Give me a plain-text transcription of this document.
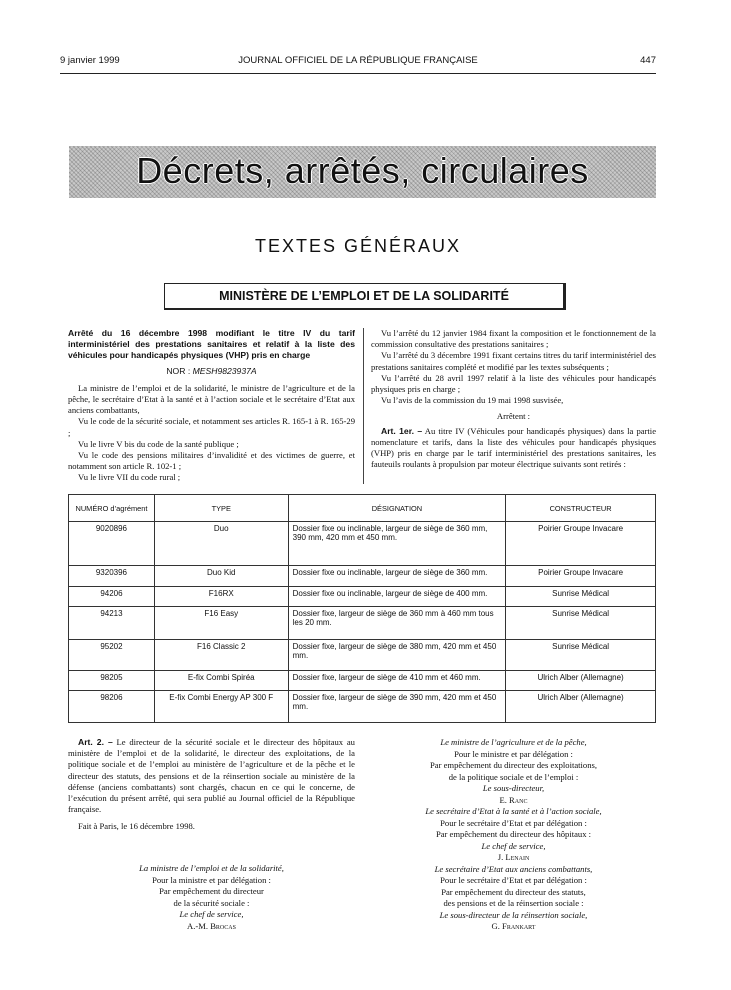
9 janvier 1999	JOURNAL OFFICIEL DE LA RÉPUBLIQUE FRANÇAISE	447
Décrets, arrêtés, circulaires
TEXTES GÉNÉRAUX
MINISTÈRE DE L’EMPLOI ET DE LA SOLIDARITÉ

Arrêté du 16 décembre 1998 modifiant le titre IV du tarif interministériel des prestations sanitaires et relatif à la liste des véhicules pour handicapés physiques (VHP) pris en charge

NOR : MESH9823937A

La ministre de l’emploi et de la solidarité, le ministre de l’agriculture et de la pêche, le secrétaire d’Etat à la santé et à l’action sociale et le secrétaire d’Etat aux anciens combattants,

Vu le code de la sécurité sociale, et notamment ses articles R. 165-1 à R. 165-29 ;

Vu le livre V bis du code de la santé publique ;

Vu le code des pensions militaires d’invalidité et des victimes de guerre, et notamment son article R. 102-1 ;

Vu le livre VII du code rural ;

Vu l’arrêté du 12 janvier 1984 fixant la composition et le fonctionnement de la commission consultative des prestations sanitaires ;

Vu l’arrêté du 3 décembre 1991 fixant certains titres du tarif interministériel des prestations sanitaires complété et modifié par les textes subséquents ;

Vu l’arrêté du 28 avril 1997 relatif à la liste des véhicules pour handicapés physiques pris en charge ;

Vu l’avis de la commission du 19 mai 1998 susvisée,

Arrêtent :

Art. 1er. – Au titre IV (Véhicules pour handicapés physiques) dans la partie nomenclature et tarifs, dans la liste des véhicules pour handicapés physiques (VHP) pris en charge par le tarif interministériel des prestations sanitaires, les fauteuils roulants à propulsion par moteur électrique suivants sont retirés :

NUMÉRO d’agrément	TYPE	DÉSIGNATION	CONSTRUCTEUR
9020896	Duo	Dossier fixe ou inclinable, largeur de siège de 360 mm, 390 mm, 420 mm et 450 mm.	Poirier Groupe Invacare
9320396	Duo Kid	Dossier fixe ou inclinable, largeur de siège de 360 mm.	Poirier Groupe Invacare
94206	F16RX	Dossier fixe ou inclinable, largeur de siège de 400 mm.	Sunrise Médical
94213	F16 Easy	Dossier fixe, largeur de siège de 360 mm à 460 mm tous les 20 mm.	Sunrise Médical
95202	F16 Classic 2	Dossier fixe, largeur de siège de 380 mm, 420 mm et 450 mm.	Sunrise Médical
98205	E-fix Combi Spiréa	Dossier fixe, largeur de siège de 410 mm et 460 mm.	Ulrich Alber (Allemagne)
98206	E-fix Combi Energy AP 300 F	Dossier fixe, largeur de siège de 390 mm, 420 mm et 450 mm.	Ulrich Alber (Allemagne)

Art. 2. – Le directeur de la sécurité sociale et le directeur des hôpitaux au ministère de l’emploi et de la solidarité, le directeur des exploitations, de la politique sociale et de l’emploi au ministère de l’agriculture et de la pêche et le directeur des statuts, des pensions et de la réinsertion sociale au ministère de la défense (anciens combattants) sont chargés, chacun en ce qui le concerne, de l’exécution du présent arrêté, qui sera publié au Journal officiel de la République française.

Fait à Paris, le 16 décembre 1998.

La ministre de l’emploi et de la solidarité,
Pour la ministre et par délégation :
Par empêchement du directeur
de la sécurité sociale :
Le chef de service,
A.-M. Brocas
Le ministre de l’agriculture et de la pêche,
Pour le ministre et par délégation :
Par empêchement du directeur des exploitations,
de la politique sociale et de l’emploi :
Le sous-directeur,
E. Ranc
Le secrétaire d’Etat à la santé et à l’action sociale,
Pour le secrétaire d’Etat et par délégation :
Par empêchement du directeur des hôpitaux :
Le chef de service,
J. Lenain
Le secrétaire d’Etat aux anciens combattants,
Pour le secrétaire d’Etat et par délégation :
Par empêchement du directeur des statuts,
des pensions et de la réinsertion sociale :
Le sous-directeur de la réinsertion sociale,
G. Frankart
